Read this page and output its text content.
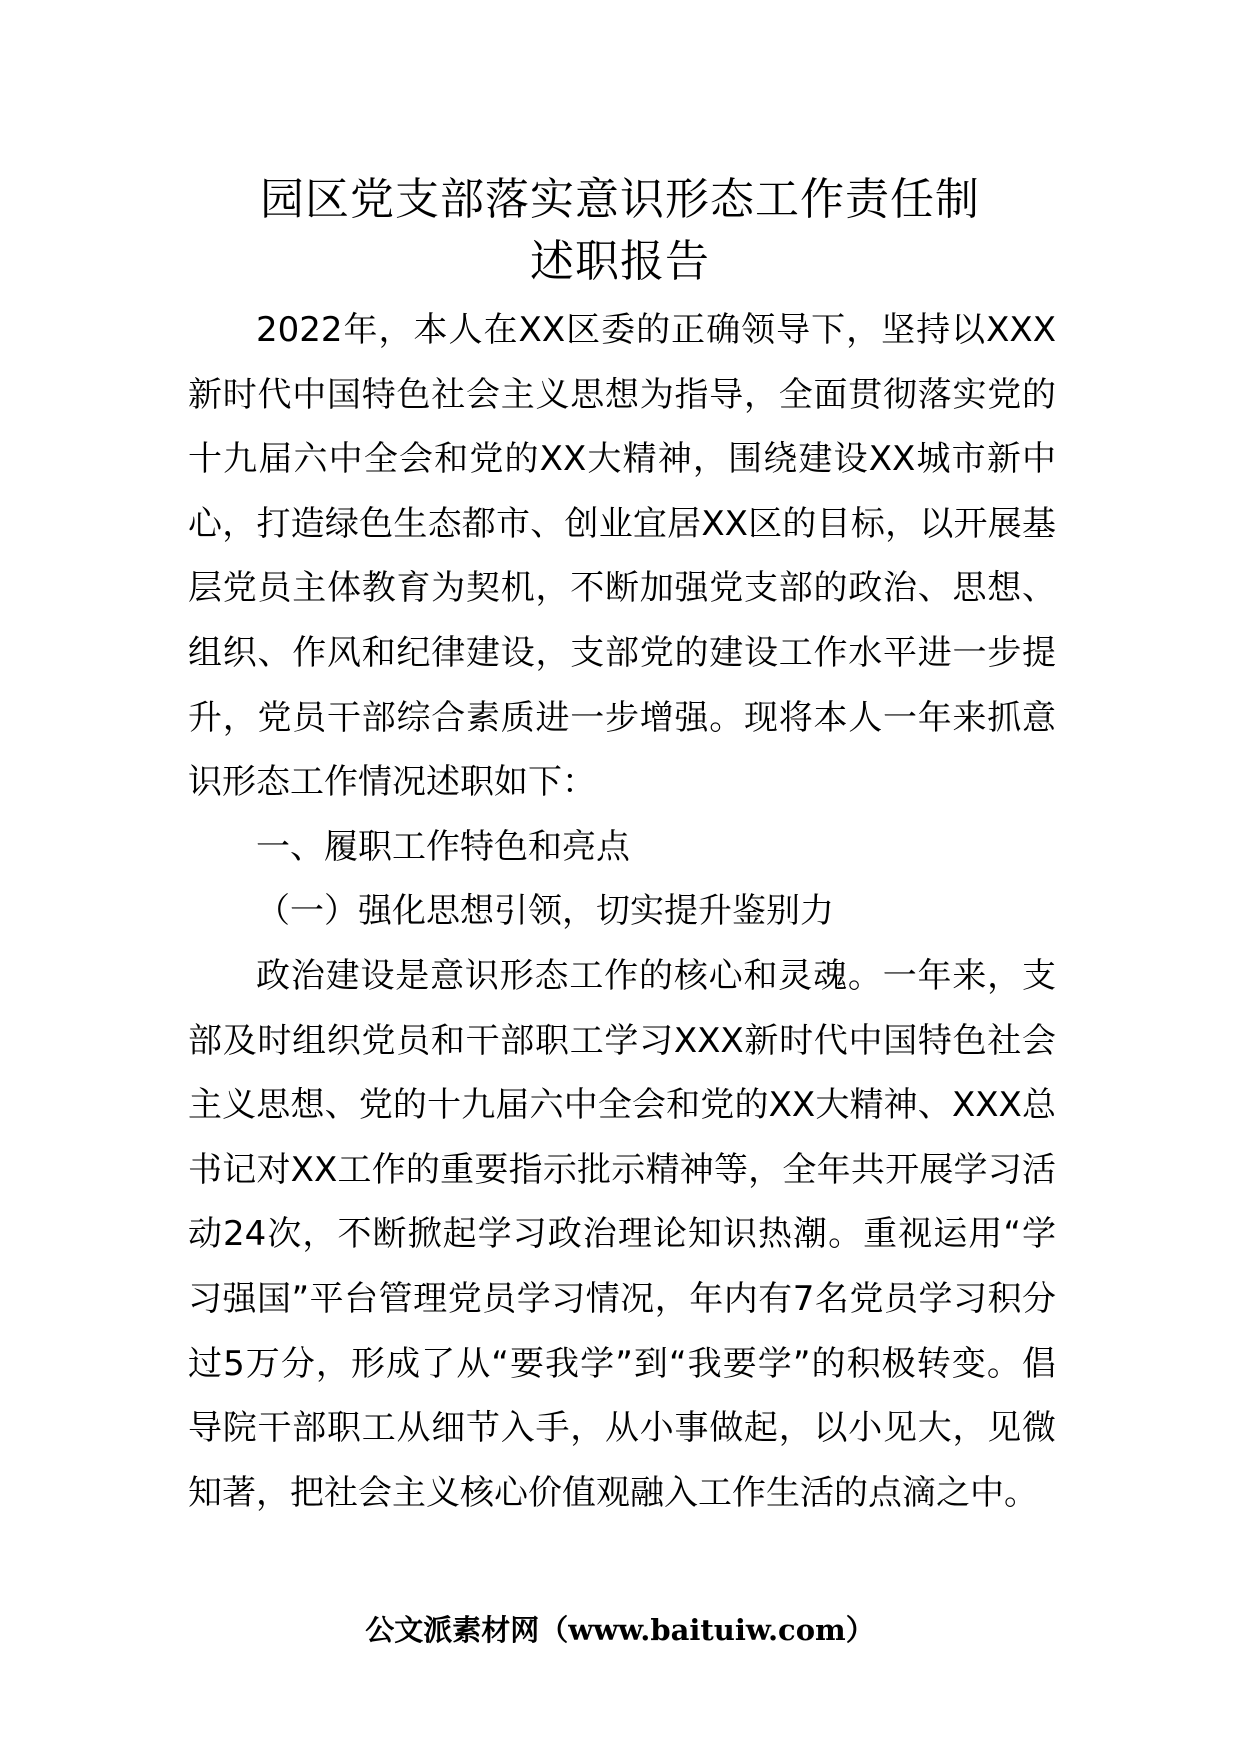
园区党支部落实意识形态工作责任制
述职报告

2022年，本人在XX区委的正确领导下，坚持以XXX新时代中国特色社会主义思想为指导，全面贯彻落实党的十九届六中全会和党的XX大精神，围绕建设XX城市新中心，打造绿色生态都市、创业宜居XX区的目标，以开展基层党员主体教育为契机，不断加强党支部的政治、思想、组织、作风和纪律建设，支部党的建设工作水平进一步提升，党员干部综合素质进一步增强。现将本人一年来抓意识形态工作情况述职如下：

一、履职工作特色和亮点

（一）强化思想引领，切实提升鉴别力

政治建设是意识形态工作的核心和灵魂。一年来，支部及时组织党员和干部职工学习XXX新时代中国特色社会主义思想、党的十九届六中全会和党的XX大精神、XXX总书记对XX工作的重要指示批示精神等，全年共开展学习活动24次，不断掀起学习政治理论知识热潮。重视运用“学习强国”平台管理党员学习情况，年内有7名党员学习积分过5万分，形成了从“要我学”到“我要学”的积极转变。倡导院干部职工从细节入手，从小事做起，以小见大，见微知著，把社会主义核心价值观融入工作生活的点滴之中。

公文派素材网（www.baituiw.com）
